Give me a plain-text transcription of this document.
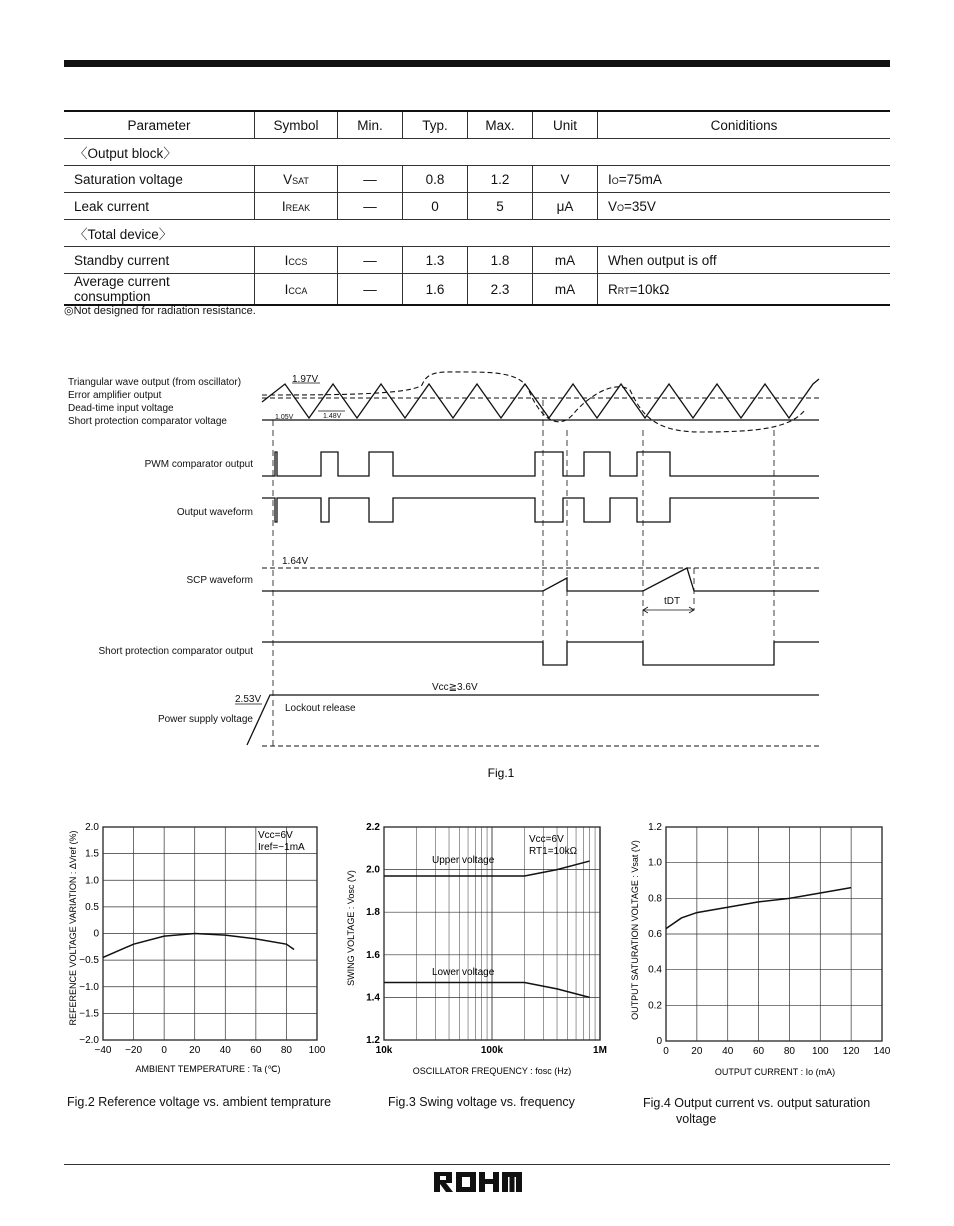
Parameter	Symbol	Min.	Typ.	Max.	Unit	Coniditions
〈Output block〉						
Saturation voltage	VSAT	—	0.8	1.2	V	IO=75mA
Leak current	IREAK	—	0	5	μA	VO=35V
〈Total device〉						
Standby current	ICCS	—	1.3	1.8	mA	When output is off
Average current consumption	ICCA	—	1.6	2.3	mA	RRT=10kΩ
◎Not designed for radiation resistance.
Triangular wave output (from oscillator)
Error amplifier output
Dead-time input voltage
Short protection comparator voltage
PWM comparator output
Output waveform
SCP waveform
Short protection comparator output
Power supply voltage
1.97V
1.05V	1.48V
1.64V
tDT
2.53V
Lockout release
Vcc≧3.6V
Fig.1
−40 −20 0 20 40 60 80 100
2.0
1.5
1.0
0.5
0
−0.5
−1.0
−1.5
−2.0
REFERENCE VOLTAGE VARIATION : ΔVref (%)
AMBIENT TEMPERATURE : Ta (℃)
Vcc=6V
Iref=−1mA
10k	100k	1M
2.2
2.0
1.8
1.6
1.4
1.2
SWING VOLTAGE : Vosc (V)
OSCILLATOR FREQUENCY : fosc (Hz)
Vcc=6V
RT1=10kΩ
Upper voltage
Lower voltage
0 20 40 60 80 100 120 140
1.2
1.0
0.8
0.6
0.4
0.2
0
OUTPUT SATURATION VOLTAGE : Vsat (V)
OUTPUT CURRENT : Io (mA)
Fig.2 Reference voltage vs. ambient temprature	Fig.3 Swing voltage vs. frequency	Fig.4 Output current vs. output saturation
voltage
